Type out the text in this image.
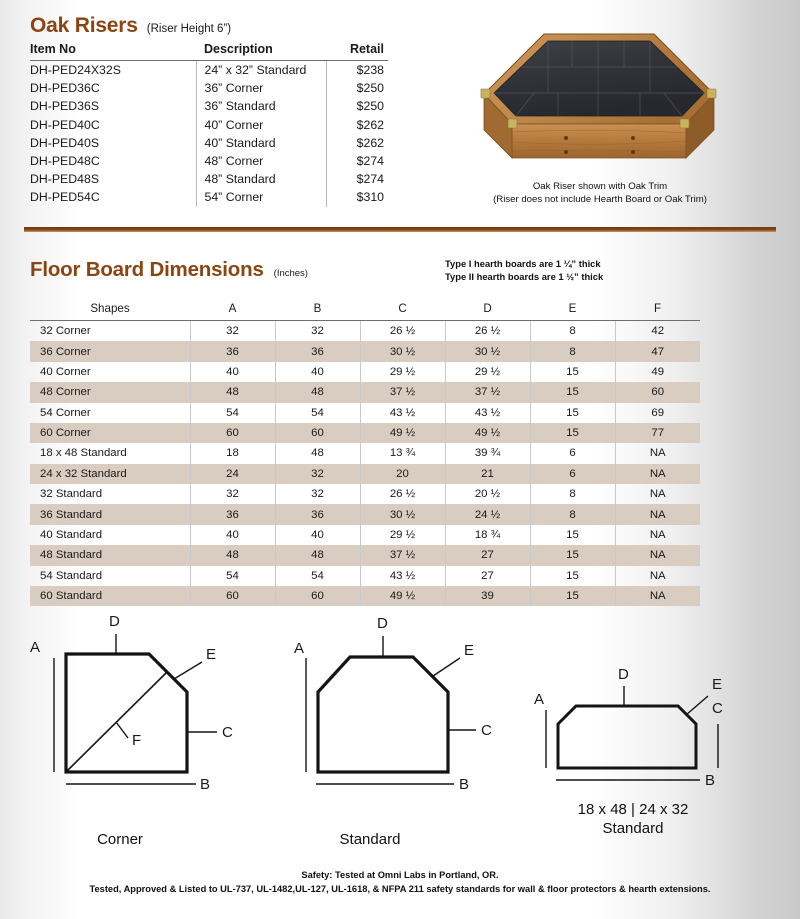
Oak Risers (Riser Height 6”)
Item No	Description	Retail
DH-PED24X32S	24” x 32” Standard	$238
DH-PED36C	36” Corner	$250
DH-PED36S	36” Standard	$250
DH-PED40C	40” Corner	$262
DH-PED40S	40” Standard	$262
DH-PED48C	48” Corner	$274
DH-PED48S	48” Standard	$274
DH-PED54C	54” Corner	$310
Oak Riser shown with Oak Trim
(Riser does not include Hearth Board or Oak Trim)
Floor Board Dimensions (Inches)
Type I hearth boards are 1 ¼” thick
Type II hearth boards are 1 ½” thick
Shapes	A	B	C	D	E	F
32 Corner	32	32	26 ½	26 ½	8	42
36 Corner	36	36	30 ½	30 ½	8	47
40 Corner	40	40	29 ½	29 ½	15	49
48 Corner	48	48	37 ½	37 ½	15	60
54 Corner	54	54	43 ½	43 ½	15	69
60 Corner	60	60	49 ½	49 ½	15	77
18 x 48 Standard	18	48	13 ¾	39 ¾	6	NA
24 x 32 Standard	24	32	20	21	6	NA
32 Standard	32	32	26 ½	20 ½	8	NA
36 Standard	36	36	30 ½	24 ½	8	NA
40 Standard	40	40	29 ½	18 ¾	15	NA
48 Standard	48	48	37 ½	27	15	NA
54 Standard	54	54	43 ½	27	15	NA
60 Standard	60	60	49 ½	39	15	NA
A
B
C
D
E
F
Corner
A
B
C
D
E
Standard
A
B
C
D
E
18 x 48 | 24 x 32
Standard
Safety: Tested at Omni Labs in Portland, OR.
Tested, Approved & Listed to UL-737, UL-1482,UL-127, UL-1618, & NFPA 211 safety standards for wall & floor protectors & hearth extensions.
